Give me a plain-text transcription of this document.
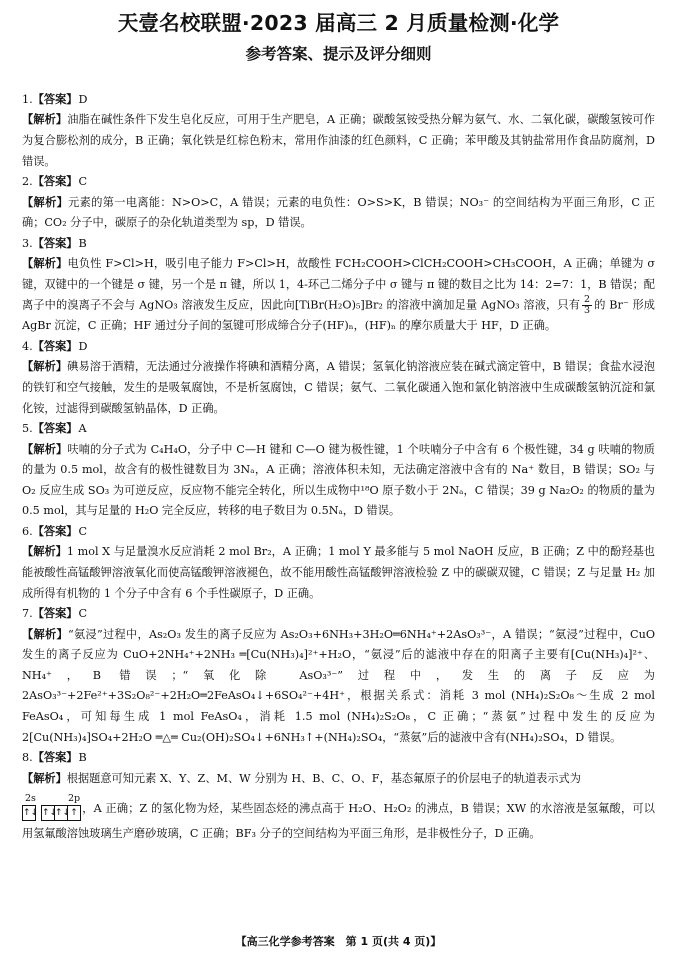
天壹名校联盟·2023 届高三 2 月质量检测·化学
参考答案、提示及评分细则
1.【答案】D
【解析】油脂在碱性条件下发生皂化反应，可用于生产肥皂，A 正确；碳酸氢铵受热分解为氨气、水、二氧化碳，碳酸氢铵可作为复合膨松剂的成分，B 正确；氧化铁是红棕色粉末，常用作油漆的红色颜料，C 正确；苯甲酸及其钠盐常用作食品防腐剂，D 错误。
2.【答案】C
【解析】元素的第一电离能：N>O>C，A 错误；元素的电负性：O>S>K，B 错误；NO₃⁻ 的空间结构为平面三角形，C 正确；CO₂ 分子中，碳原子的杂化轨道类型为 sp，D 错误。
3.【答案】B
【解析】电负性 F>Cl>H，吸引电子能力 F>Cl>H，故酸性 FCH₂COOH>ClCH₂COOH>CH₃COOH，A 正确；单键为 σ 键，双键中的一个键是 σ 键，另一个是 π 键，所以 1，4-环己二烯分子中 σ 键与 π 键的数目之比为 14：2=7：1，B 错误；配离子中的溴离子不会与 AgNO₃ 溶液发生反应，因此向[TiBr(H₂O)₅]Br₂ 的溶液中滴加足量 AgNO₃ 溶液，只有 $\frac{2}{3}$ 的 Br⁻ 形成 AgBr 沉淀，C 正确；HF 通过分子间的氢键可形成缔合分子(HF)ₙ，(HF)ₙ 的摩尔质量大于 HF，D 正确。
4.【答案】D
【解析】碘易溶于酒精，无法通过分液操作将碘和酒精分离，A 错误；氢氧化钠溶液应装在碱式滴定管中，B 错误；食盐水浸泡的铁钉和空气接触，发生的是吸氧腐蚀，不是析氢腐蚀，C 错误；氨气、二氧化碳通入饱和氯化钠溶液中生成碳酸氢钠沉淀和氯化铵，过滤得到碳酸氢钠晶体，D 正确。
5.【答案】A
【解析】呋喃的分子式为 C₄H₄O，分子中 C—H 键和 C—O 键为极性键，1 个呋喃分子中含有 6 个极性键，34 g 呋喃的物质的量为 0.5 mol，故含有的极性键数目为 3Nₐ，A 正确；溶液体积未知，无法确定溶液中含有的 Na⁺ 数目，B 错误；SO₂ 与 O₂ 反应生成 SO₃ 为可逆反应，反应物不能完全转化，所以生成物中¹⁸O 原子数小于 2Nₐ，C 错误；39 g Na₂O₂ 的物质的量为 0.5 mol，其与足量的 H₂O 完全反应，转移的电子数目为 0.5Nₐ，D 错误。
6.【答案】C
【解析】1 mol X 与足量溴水反应消耗 2 mol Br₂，A 正确；1 mol Y 最多能与 5 mol NaOH 反应，B 正确；Z 中的酚羟基也能被酸性高锰酸钾溶液氧化而使高锰酸钾溶液褪色，故不能用酸性高锰酸钾溶液检验 Z 中的碳碳双键，C 错误；Z 与足量 H₂ 加成所得有机物的 1 个分子中含有 6 个手性碳原子，D 正确。
7.【答案】C
【解析】“氨浸”过程中，As₂O₃ 发生的离子反应为 As₂O₃+6NH₃+3H₂O═6NH₄⁺+2AsO₃³⁻，A 错误；“氨浸”过程中，CuO 发生的离子反应为 CuO+2NH₄⁺+2NH₃ ═[Cu(NH₃)₄]²⁺+H₂O，“氨浸”后的滤液中存在的阳离子主要有[Cu(NH₃)₄]²⁺、NH₄⁺，B 错误；“氧化除 AsO₃³⁻”过程中，发生的离子反应为 2AsO₃³⁻+2Fe²⁺+3S₂O₈²⁻+2H₂O═2FeAsO₄↓+6SO₄²⁻+4H⁺，根据关系式：消耗 3 mol (NH₄)₂S₂O₈～生成 2 mol FeAsO₄，可知每生成 1 mol FeAsO₄，消耗 1.5 mol (NH₄)₂S₂O₈，C 正确；“蒸氨”过程中发生的反应为 2[Cu(NH₃)₄]SO₄+2H₂O ═△═ Cu₂(OH)₂SO₄↓+6NH₃↑+(NH₄)₂SO₄，“蒸氨”后的滤液中含有(NH₄)₂SO₄，D 错误。
8.【答案】B
【解析】根据题意可知元素 X、Y、Z、M、W 分别为 H、B、C、O、F，基态氟原子的价层电子的轨道表示式为
2s	2p
↑↓ ↑↓↑↓↑ ，A 正确；Z 的氢化物为烃，某些固态烃的沸点高于 H₂O、H₂O₂ 的沸点，B 错误；XW 的水溶液是氢氟酸，可以用氢氟酸溶蚀玻璃生产磨砂玻璃，C 正确；BF₃ 分子的空间结构为平面三角形，是非极性分子，D 正确。
【高三化学参考答案　第 1 页(共 4 页)】
